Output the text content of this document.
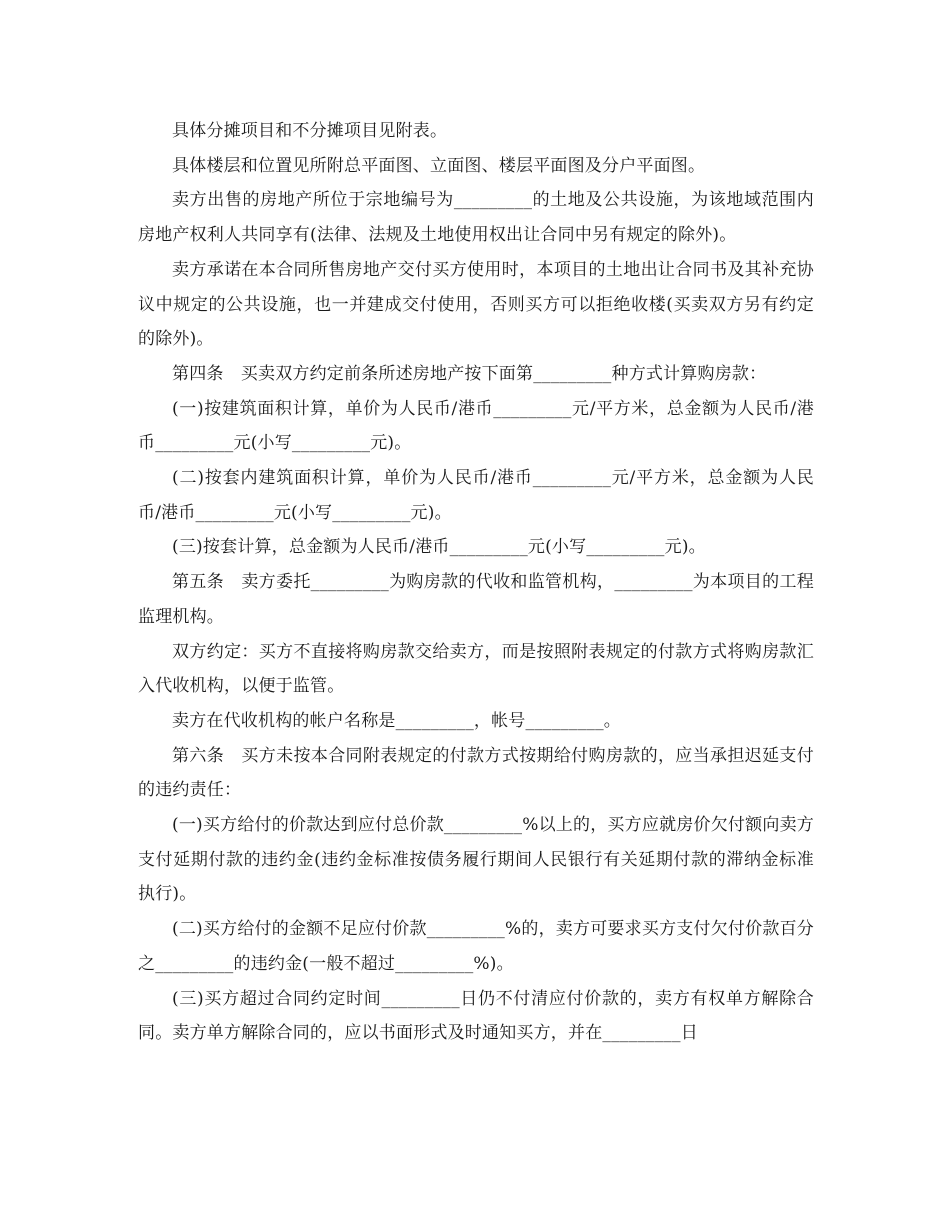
具体分摊项目和不分摊项目见附表。

具体楼层和位置见所附总平面图、立面图、楼层平面图及分户平面图。

卖方出售的房地产所位于宗地编号为_________的土地及公共设施，为该地域范围内房地产权利人共同享有(法律、法规及土地使用权出让合同中另有规定的除外)。

卖方承诺在本合同所售房地产交付买方使用时，本项目的土地出让合同书及其补充协议中规定的公共设施，也一并建成交付使用，否则买方可以拒绝收楼(买卖双方另有约定的除外)。

第四条　买卖双方约定前条所述房地产按下面第_________种方式计算购房款：

(一)按建筑面积计算，单价为人民币/港币_________元/平方米，总金额为人民币/港币_________元(小写_________元)。

(二)按套内建筑面积计算，单价为人民币/港币_________元/平方米，总金额为人民币/港币_________元(小写_________元)。

(三)按套计算，总金额为人民币/港币_________元(小写_________元)。

第五条　卖方委托_________为购房款的代收和监管机构，_________为本项目的工程监理机构。

双方约定：买方不直接将购房款交给卖方，而是按照附表规定的付款方式将购房款汇入代收机构，以便于监管。

卖方在代收机构的帐户名称是_________，帐号_________。

第六条　买方未按本合同附表规定的付款方式按期给付购房款的，应当承担迟延支付的违约责任：

(一)买方给付的价款达到应付总价款_________%以上的，买方应就房价欠付额向卖方支付延期付款的违约金(违约金标准按债务履行期间人民银行有关延期付款的滞纳金标准执行)。

(二)买方给付的金额不足应付价款_________%的，卖方可要求买方支付欠付价款百分之_________的违约金(一般不超过_________%)。

(三)买方超过合同约定时间_________日仍不付清应付价款的，卖方有权单方解除合同。卖方单方解除合同的，应以书面形式及时通知买方，并在_________日
